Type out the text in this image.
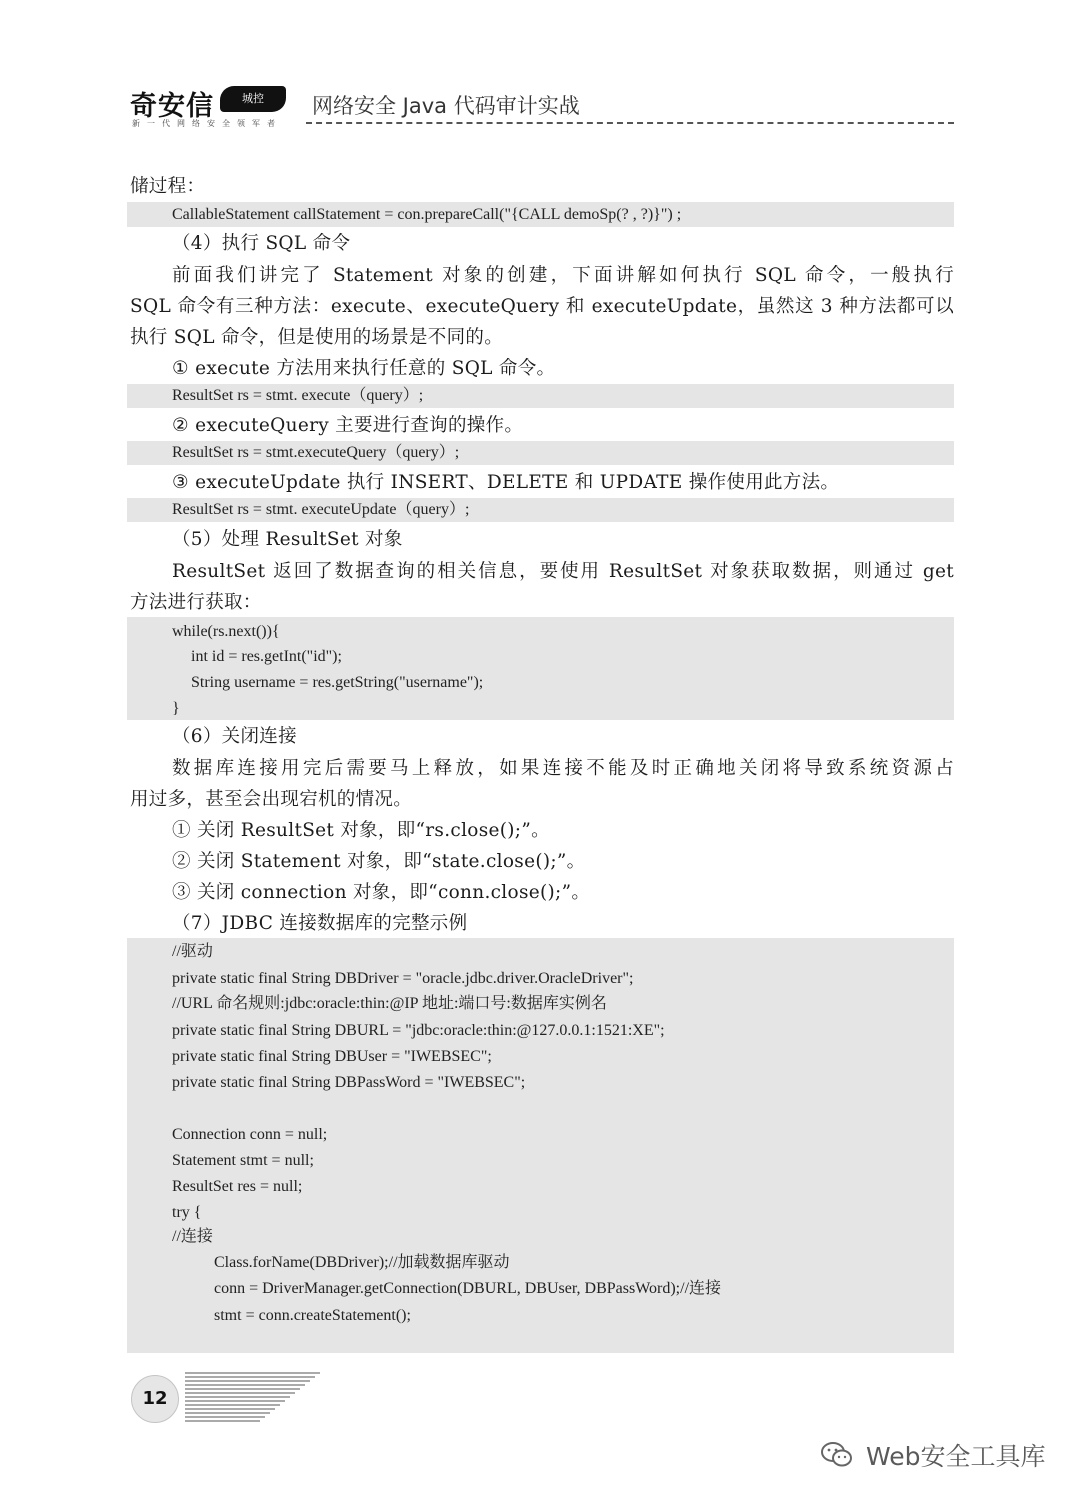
奇安信	城控
新一代网络安全领军者
网络安全 Java 代码审计实战
储过程：
CallableStatement callStatement = con.prepareCall("{CALL demoSp(? , ?)}") ;
（4）执行 SQL 命令
前面我们讲完了 Statement 对象的创建，下面讲解如何执行 SQL 命令，一般执行
SQL 命令有三种方法：execute、executeQuery 和 executeUpdate，虽然这 3 种方法都可以
执行 SQL 命令，但是使用的场景是不同的。
① execute 方法用来执行任意的 SQL 命令。
ResultSet rs = stmt. execute（query）;
② executeQuery 主要进行查询的操作。
ResultSet rs = stmt.executeQuery（query）;
③ executeUpdate 执行 INSERT、DELETE 和 UPDATE 操作使用此方法。
ResultSet rs = stmt. executeUpdate（query）;
（5）处理 ResultSet 对象
ResultSet 返回了数据查询的相关信息，要使用 ResultSet 对象获取数据，则通过 get
方法进行获取：
while(rs.next()){
int id = res.getInt("id");
String username = res.getString("username");
}
（6）关闭连接
数据库连接用完后需要马上释放，如果连接不能及时正确地关闭将导致系统资源占
用过多，甚至会出现宕机的情况。
① 关闭 ResultSet 对象，即“rs.close();”。
② 关闭 Statement 对象，即“state.close();”。
③ 关闭 connection 对象，即“conn.close();”。
（7）JDBC 连接数据库的完整示例
//驱动
private static final String DBDriver = "oracle.jdbc.driver.OracleDriver";
//URL 命名规则:jdbc:oracle:thin:@IP 地址:端口号:数据库实例名
private static final String DBURL = "jdbc:oracle:thin:@127.0.0.1:1521:XE";
private static final String DBUser = "IWEBSEC";
private static final String DBPassWord = "IWEBSEC";
Connection conn = null;
Statement stmt = null;
ResultSet res = null;
try {
//连接
Class.forName(DBDriver);//加载数据库驱动
conn = DriverManager.getConnection(DBURL, DBUser, DBPassWord);//连接
stmt = conn.createStatement();
12
Web安全工具库
